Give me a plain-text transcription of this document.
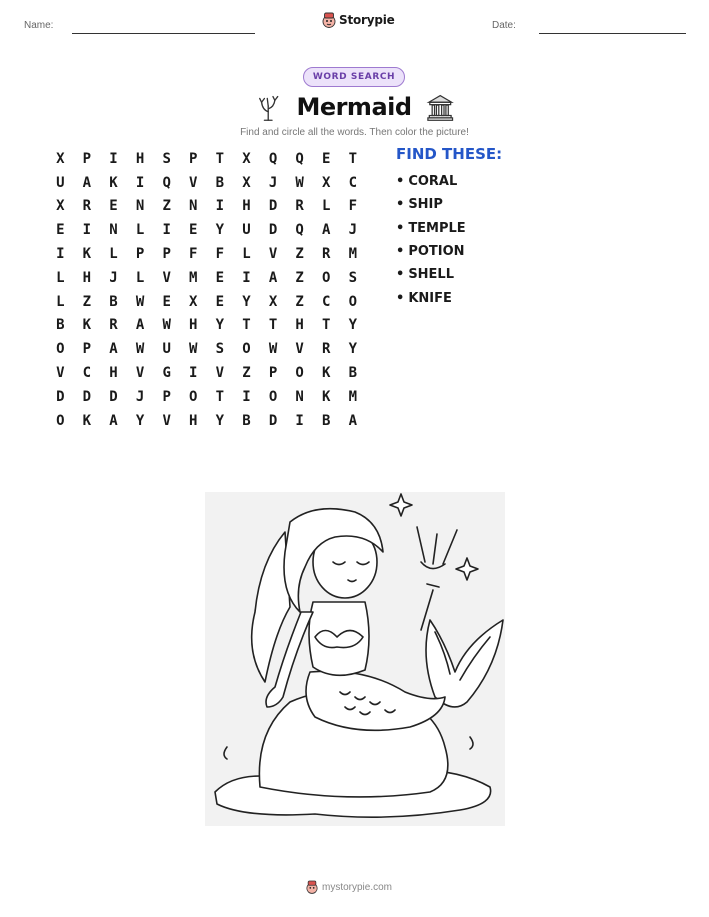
Name:	Storypie	Date:
WORD SEARCH
Mermaid
Find and circle all the words. Then color the picture!
X	P	I	H	S	P	T	X	Q	Q	E	T
U	A	K	I	Q	V	B	X	J	W	X	C
X	R	E	N	Z	N	I	H	D	R	L	F
E	I	N	L	I	E	Y	U	D	Q	A	J
I	K	L	P	P	F	F	L	V	Z	R	M
L	H	J	L	V	M	E	I	A	Z	O	S
L	Z	B	W	E	X	E	Y	X	Z	C	O
B	K	R	A	W	H	Y	T	T	H	T	Y
O	P	A	W	U	W	S	O	W	V	R	Y
V	C	H	V	G	I	V	Z	P	O	K	B
D	D	D	J	P	O	T	I	O	N	K	M
O	K	A	Y	V	H	Y	B	D	I	B	A
FIND THESE:
• CORAL
• SHIP
• TEMPLE
• POTION
• SHELL
• KNIFE
mystorypie.com
